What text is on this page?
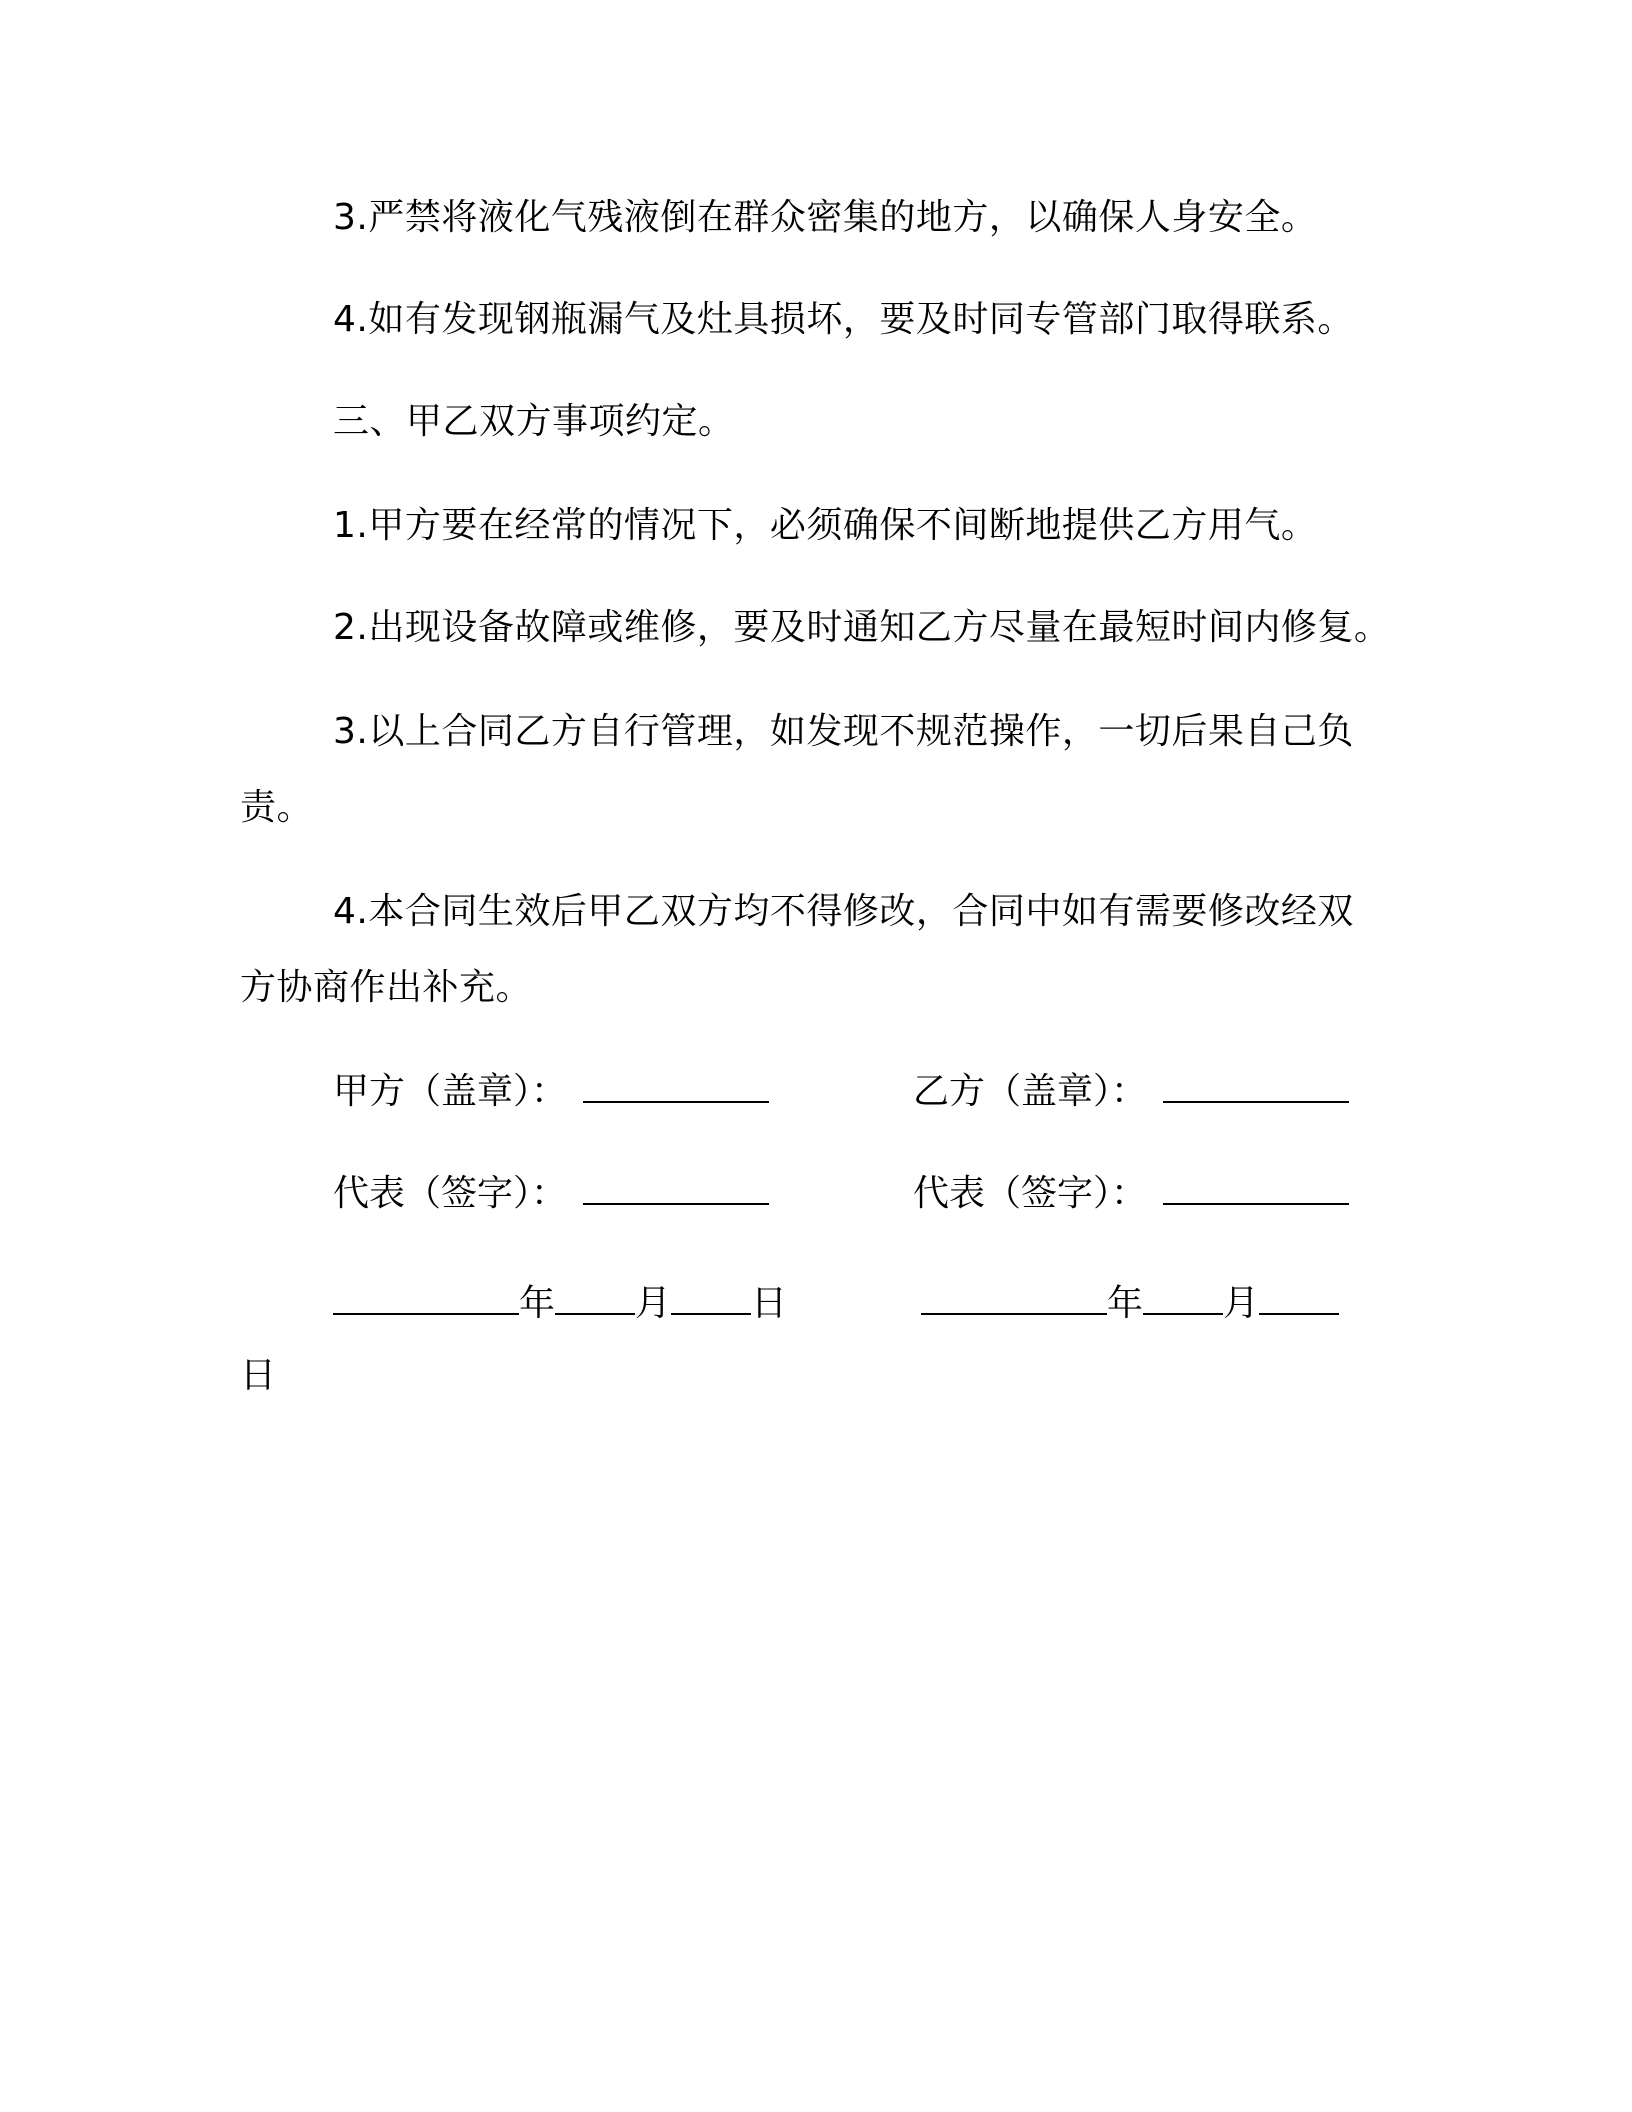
3.严禁将液化气残液倒在群众密集的地方，以确保人身安全。
4.如有发现钢瓶漏气及灶具损坏，要及时同专管部门取得联系。
三、甲乙双方事项约定。
1.甲方要在经常的情况下，必须确保不间断地提供乙方用气。
2.出现设备故障或维修，要及时通知乙方尽量在最短时间内修复。
3.以上合同乙方自行管理，如发现不规范操作，一切后果自己负
责。
4.本合同生效后甲乙双方均不得修改，合同中如有需要修改经双
方协商作出补充。
甲方（盖章）：	乙方（盖章）：
代表（签字）：	代表（签字）：
年 月 日	年 月
日
